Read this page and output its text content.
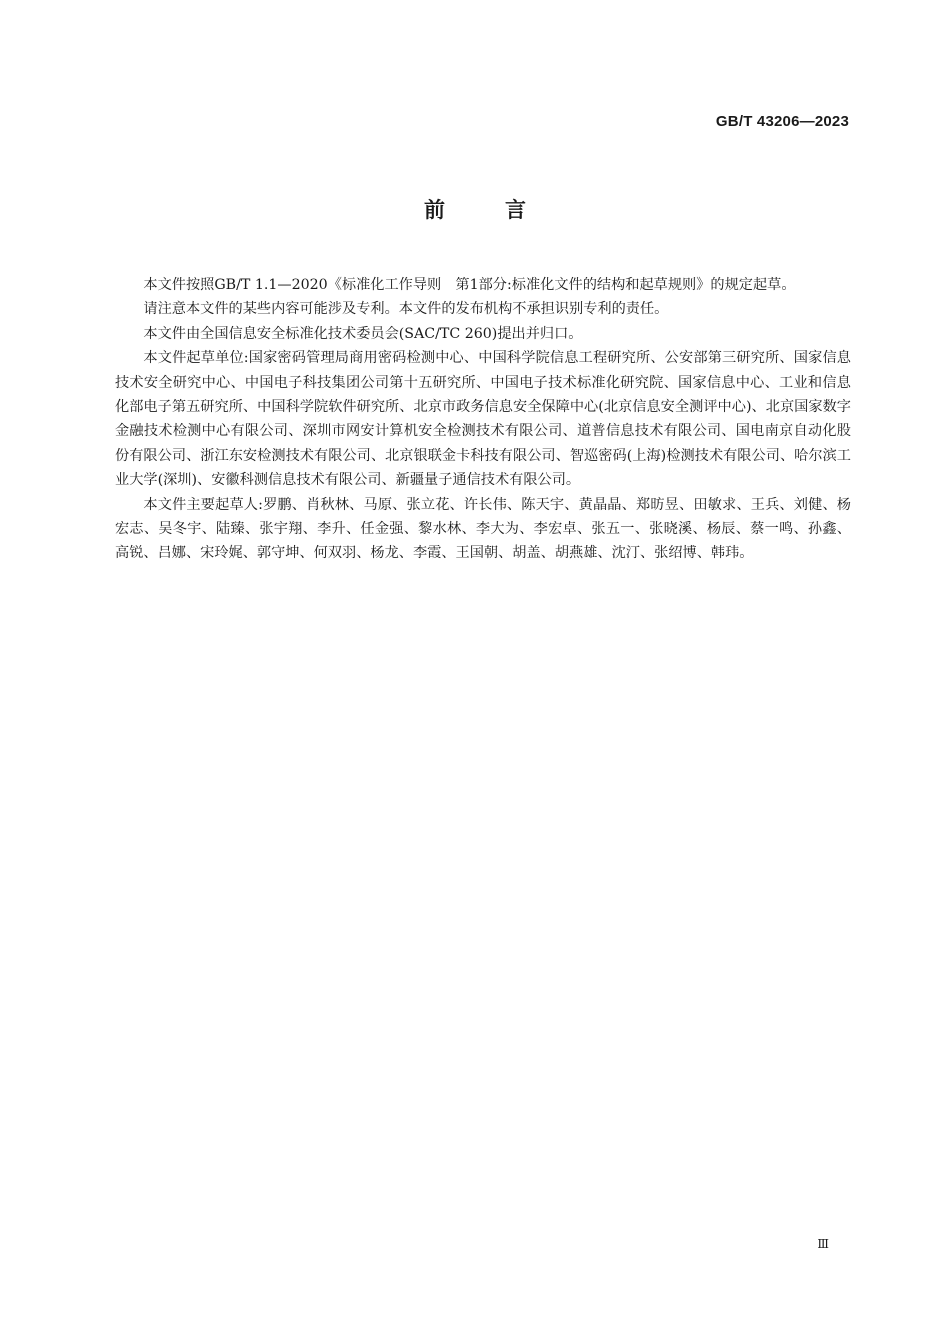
GB/T 43206—2023
前言

本文件按照GB/T 1.1—2020《标准化工作导则　第1部分:标准化文件的结构和起草规则》的规定起草。

请注意本文件的某些内容可能涉及专利。本文件的发布机构不承担识别专利的责任。

本文件由全国信息安全标准化技术委员会(SAC/TC 260)提出并归口。

本文件起草单位:国家密码管理局商用密码检测中心、中国科学院信息工程研究所、公安部第三研究所、国家信息技术安全研究中心、中国电子科技集团公司第十五研究所、中国电子技术标准化研究院、国家信息中心、工业和信息化部电子第五研究所、中国科学院软件研究所、北京市政务信息安全保障中心(北京信息安全测评中心)、北京国家数字金融技术检测中心有限公司、深圳市网安计算机安全检测技术有限公司、道普信息技术有限公司、国电南京自动化股份有限公司、浙江东安检测技术有限公司、北京银联金卡科技有限公司、智巡密码(上海)检测技术有限公司、哈尔滨工业大学(深圳)、安徽科测信息技术有限公司、新疆量子通信技术有限公司。

本文件主要起草人:罗鹏、肖秋林、马原、张立花、许长伟、陈天宇、黄晶晶、郑昉昱、田敏求、王兵、刘健、杨宏志、吴冬宇、陆臻、张宇翔、李升、任金强、黎水林、李大为、李宏卓、张五一、张晓溪、杨辰、蔡一鸣、孙鑫、高锐、吕娜、宋玲娓、郭守坤、何双羽、杨龙、李霞、王国朝、胡盖、胡燕雄、沈汀、张绍博、韩玮。

Ⅲ
